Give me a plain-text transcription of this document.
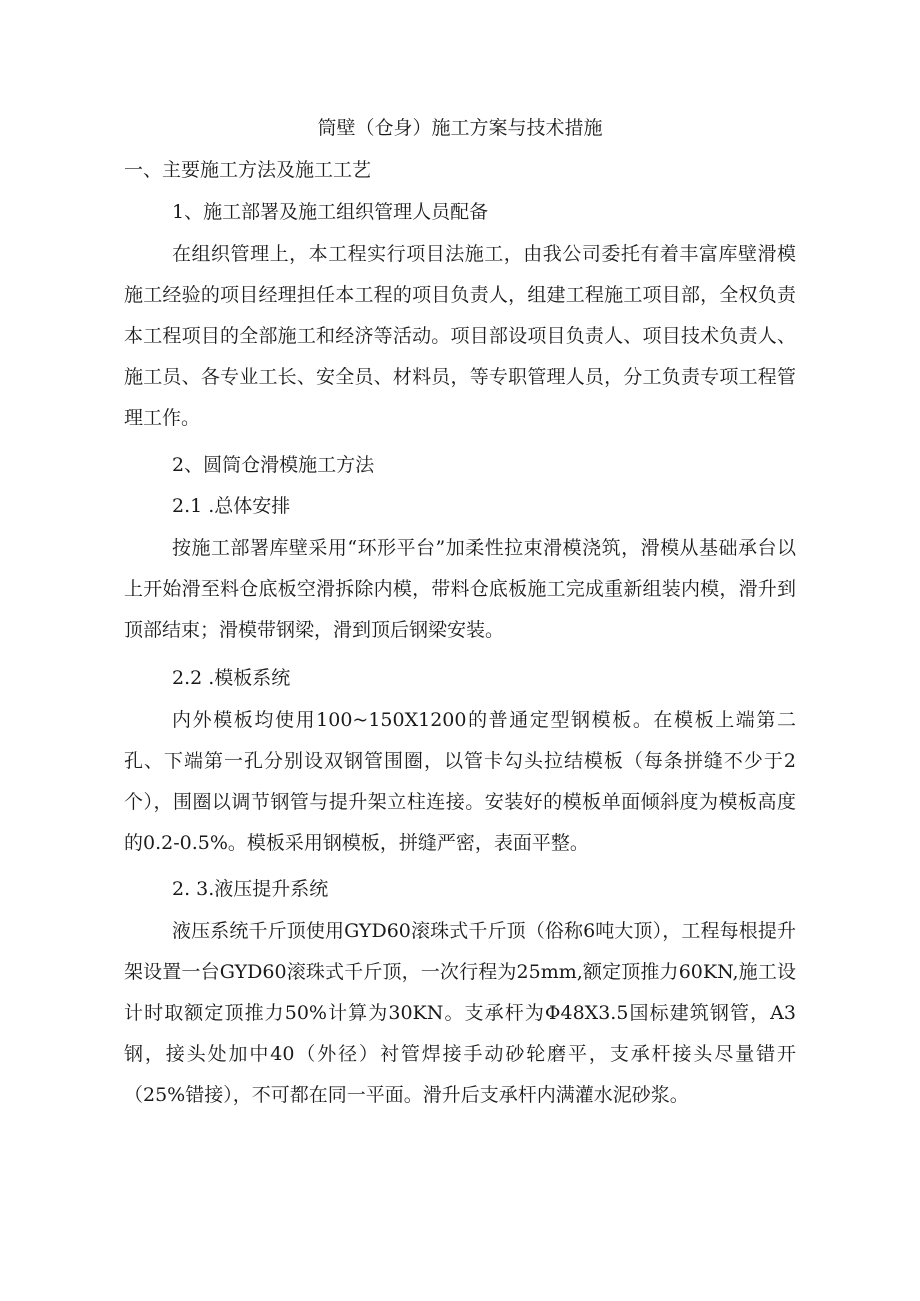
筒壁（仓身）施工方案与技术措施
一、主要施工方法及施工工艺
1、施工部署及施工组织管理人员配备
在组织管理上，本工程实行项目法施工，由我公司委托有着丰富库壁滑模施工经验的项目经理担任本工程的项目负责人，组建工程施工项目部，全权负责本工程项目的全部施工和经济等活动。项目部设项目负责人、项目技术负责人、施工员、各专业工长、安全员、材料员，等专职管理人员，分工负责专项工程管理工作。
2、圆筒仓滑模施工方法
2.1 .总体安排
按施工部署库壁采用“环形平台”加柔性拉束滑模浇筑，滑模从基础承台以上开始滑至料仓底板空滑拆除内模，带料仓底板施工完成重新组装内模，滑升到顶部结束；滑模带钢梁，滑到顶后钢梁安装。
2.2 .模板系统
内外模板均使用100~150X1200的普通定型钢模板。在模板上端第二孔、下端第一孔分别设双钢管围圈，以管卡勾头拉结模板（每条拼缝不少于2个），围圈以调节钢管与提升架立柱连接。安装好的模板单面倾斜度为模板高度的0.2-0.5%。模板采用钢模板，拼缝严密，表面平整。
2. 3.液压提升系统
液压系统千斤顶使用GYD60滚珠式千斤顶（俗称6吨大顶），工程每根提升架设置一台GYD60滚珠式千斤顶，一次行程为25mm,额定顶推力60KN,施工设计时取额定顶推力50%计算为30KN。支承杆为Φ48X3.5国标建筑钢管，A3钢，接头处加中40（外径）衬管焊接手动砂轮磨平，支承杆接头尽量错开（25%错接），不可都在同一平面。滑升后支承杆内满灌水泥砂浆。
